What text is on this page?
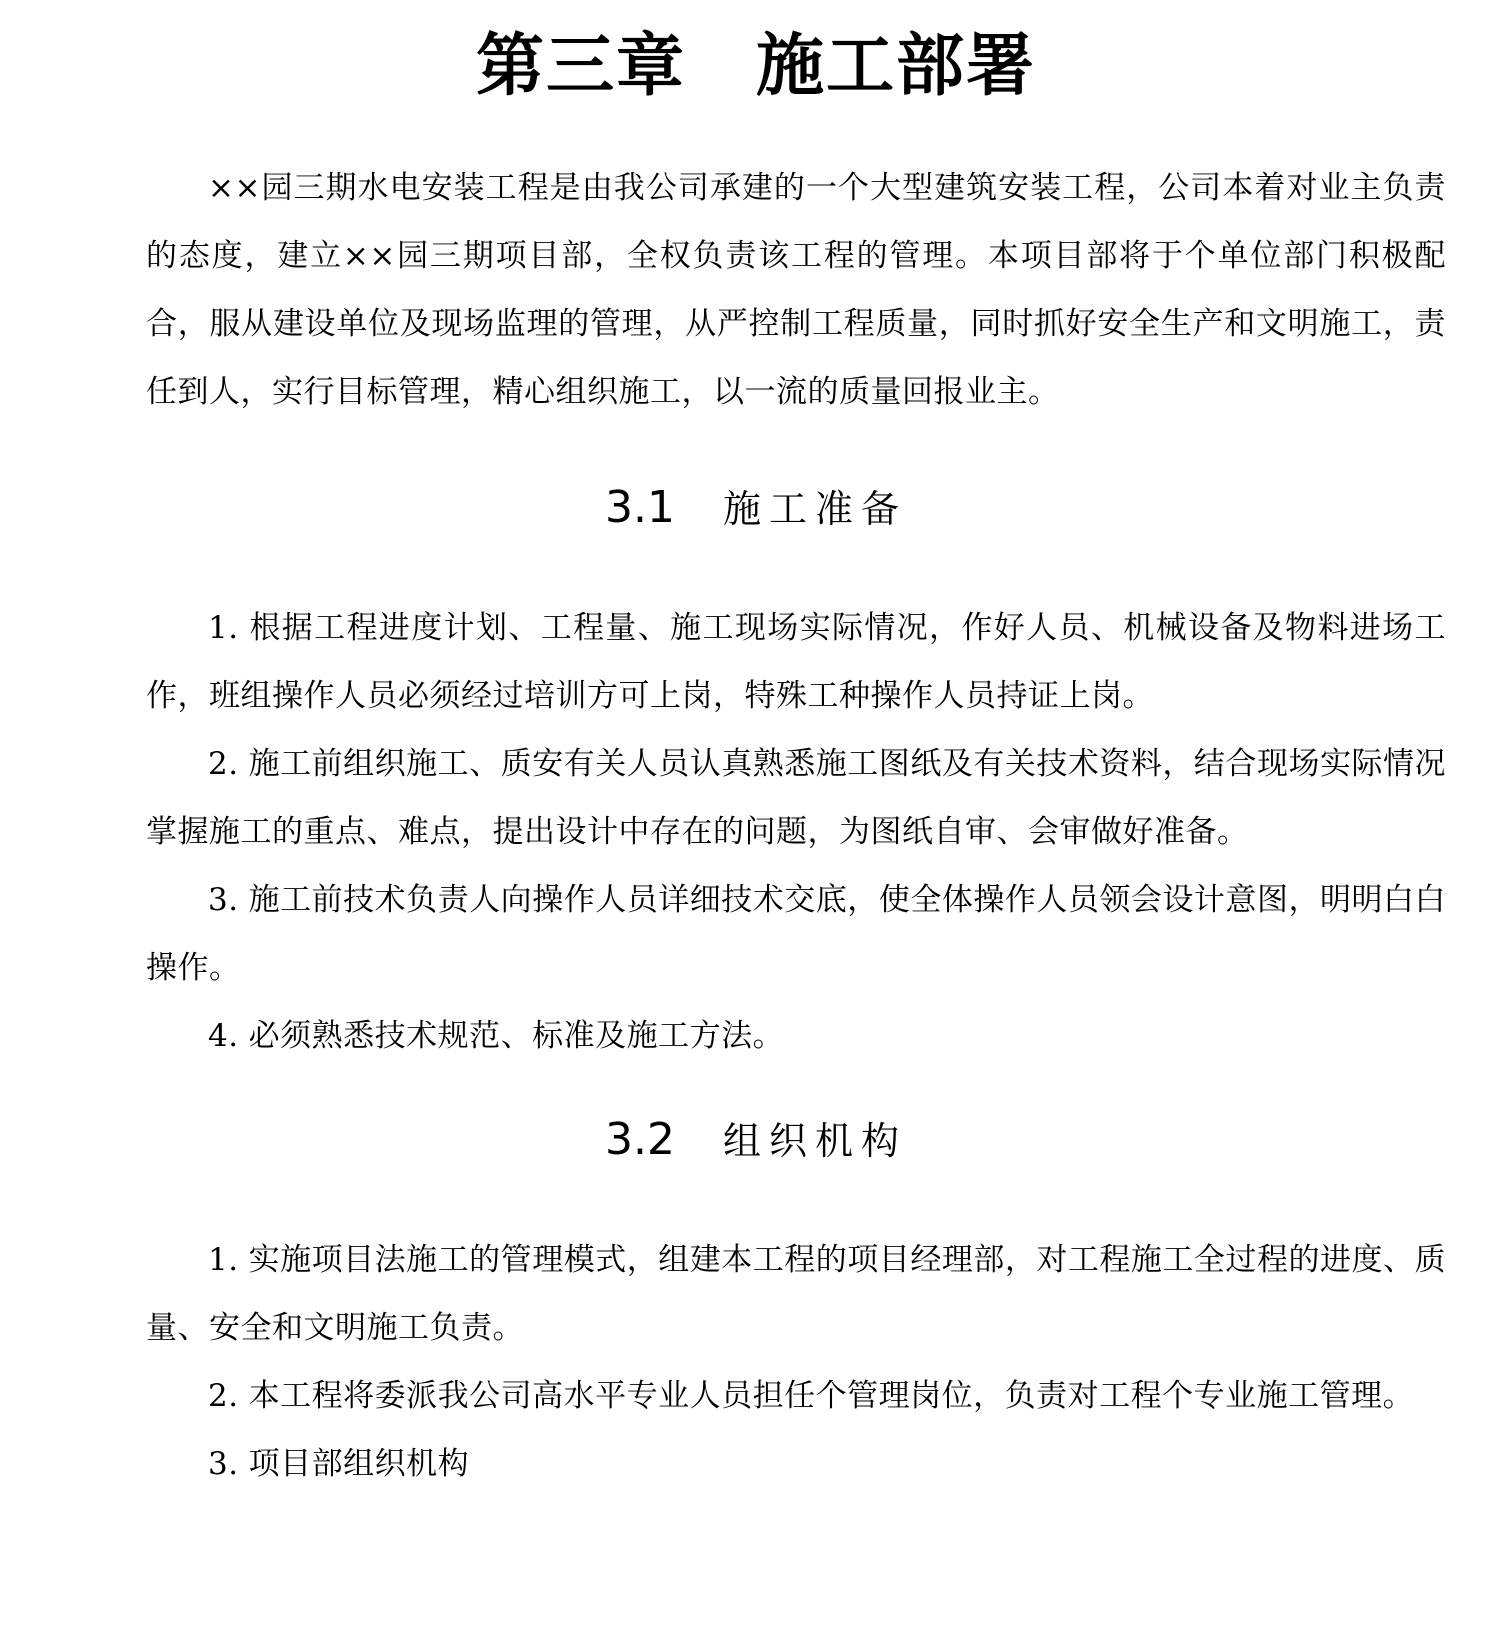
第三章　施工部署

××园三期水电安装工程是由我公司承建的一个大型建筑安装工程，公司本着对业主负责的态度，建立××园三期项目部，全权负责该工程的管理。本项目部将于个单位部门积极配合，服从建设单位及现场监理的管理，从严控制工程质量，同时抓好安全生产和文明施工，责任到人，实行目标管理，精心组织施工，以一流的质量回报业主。

3.1 施工准备

1. 根据工程进度计划、工程量、施工现场实际情况，作好人员、机械设备及物料进场工作，班组操作人员必须经过培训方可上岗，特殊工种操作人员持证上岗。

2. 施工前组织施工、质安有关人员认真熟悉施工图纸及有关技术资料，结合现场实际情况掌握施工的重点、难点，提出设计中存在的问题，为图纸自审、会审做好准备。

3. 施工前技术负责人向操作人员详细技术交底，使全体操作人员领会设计意图，明明白白操作。

4. 必须熟悉技术规范、标准及施工方法。

3.2 组织机构

1. 实施项目法施工的管理模式，组建本工程的项目经理部，对工程施工全过程的进度、质量、安全和文明施工负责。

2. 本工程将委派我公司高水平专业人员担任个管理岗位，负责对工程个专业施工管理。

3. 项目部组织机构
